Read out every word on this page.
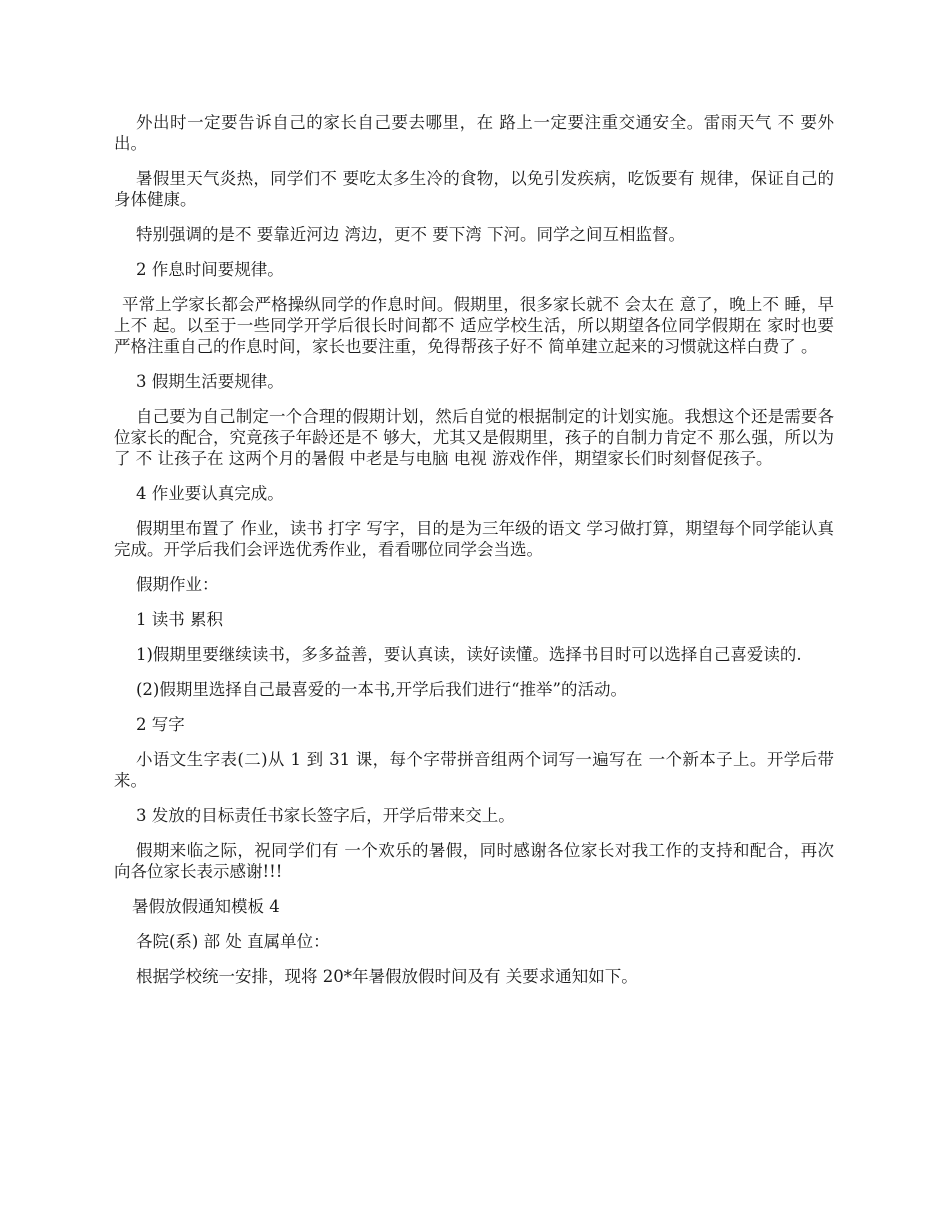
外出时一定要告诉自己的家长自己要去哪里，在 路上一定要注重交通安全。雷雨天气 不 要外出。

暑假里天气炎热，同学们不 要吃太多生冷的食物，以免引发疾病，吃饭要有 规律，保证自己的身体健康。

特别强调的是不 要靠近河边 湾边，更不 要下湾 下河。同学之间互相监督。

2 作息时间要规律。

平常上学家长都会严格操纵同学的作息时间。假期里，很多家长就不 会太在 意了，晚上不 睡，早上不 起。以至于一些同学开学后很长时间都不 适应学校生活，所以期望各位同学假期在 家时也要严格注重自己的作息时间，家长也要注重，免得帮孩子好不 简单建立起来的习惯就这样白费了 。

3 假期生活要规律。

自己要为自己制定一个合理的假期计划，然后自觉的根据制定的计划实施。我想这个还是需要各位家长的配合，究竟孩子年龄还是不 够大，尤其又是假期里，孩子的自制力肯定不 那么强，所以为了 不 让孩子在 这两个月的暑假 中老是与电脑 电视 游戏作伴，期望家长们时刻督促孩子。

4 作业要认真完成。

假期里布置了 作业，读书 打字 写字，目的是为三年级的语文 学习做打算，期望每个同学能认真完成。开学后我们会评选优秀作业，看看哪位同学会当选。

假期作业：

1 读书 累积

1)假期里要继续读书，多多益善，要认真读，读好读懂。选择书目时可以选择自己喜爱读的.

(2)假期里选择自己最喜爱的一本书,开学后我们进行“推举”的活动。

2 写字

小语文生字表(二)从 1 到 31 课，每个字带拼音组两个词写一遍写在 一个新本子上。开学后带来。

3 发放的目标责任书家长签字后，开学后带来交上。

假期来临之际，祝同学们有 一个欢乐的暑假，同时感谢各位家长对我工作的支持和配合，再次向各位家长表示感谢!!!

暑假放假通知模板 4

各院(系) 部 处 直属单位：

根据学校统一安排，现将 20*年暑假放假时间及有 关要求通知如下。
